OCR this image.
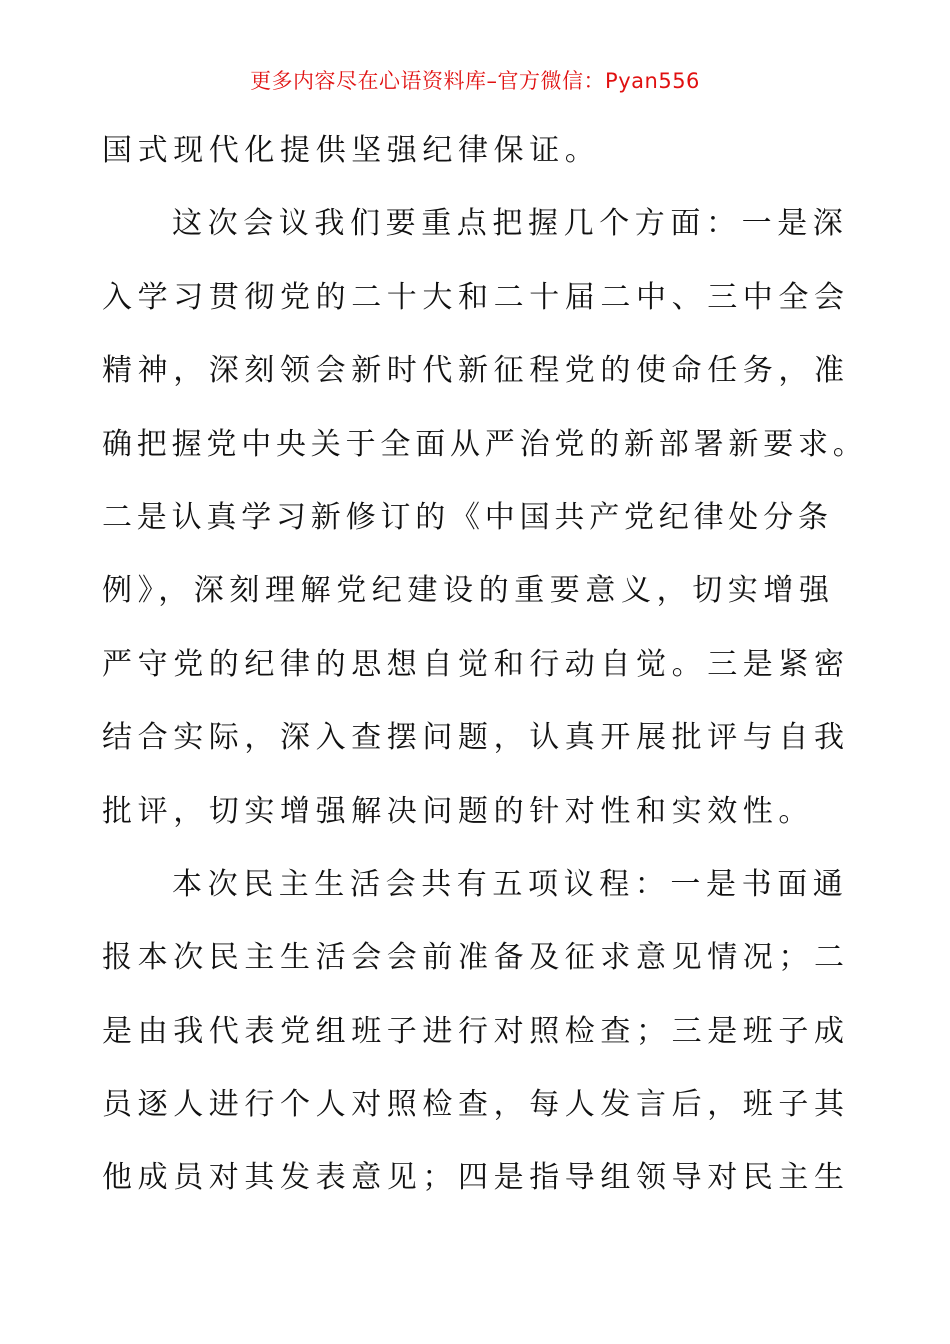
更多内容尽在心语资料库–官方微信：Pyan556
国式现代化提供坚强纪律保证。
这次会议我们要重点把握几个方面：一是深
入学习贯彻党的二十大和二十届二中、三中全会
精神，深刻领会新时代新征程党的使命任务，准
确把握党中央关于全面从严治党的新部署新要求。
二是认真学习新修订的《中国共产党纪律处分条
例》，深刻理解党纪建设的重要意义，切实增强
严守党的纪律的思想自觉和行动自觉。三是紧密
结合实际，深入查摆问题，认真开展批评与自我
批评，切实增强解决问题的针对性和实效性。
本次民主生活会共有五项议程：一是书面通
报本次民主生活会会前准备及征求意见情况；二
是由我代表党组班子进行对照检查；三是班子成
员逐人进行个人对照检查，每人发言后，班子其
他成员对其发表意见；四是指导组领导对民主生
